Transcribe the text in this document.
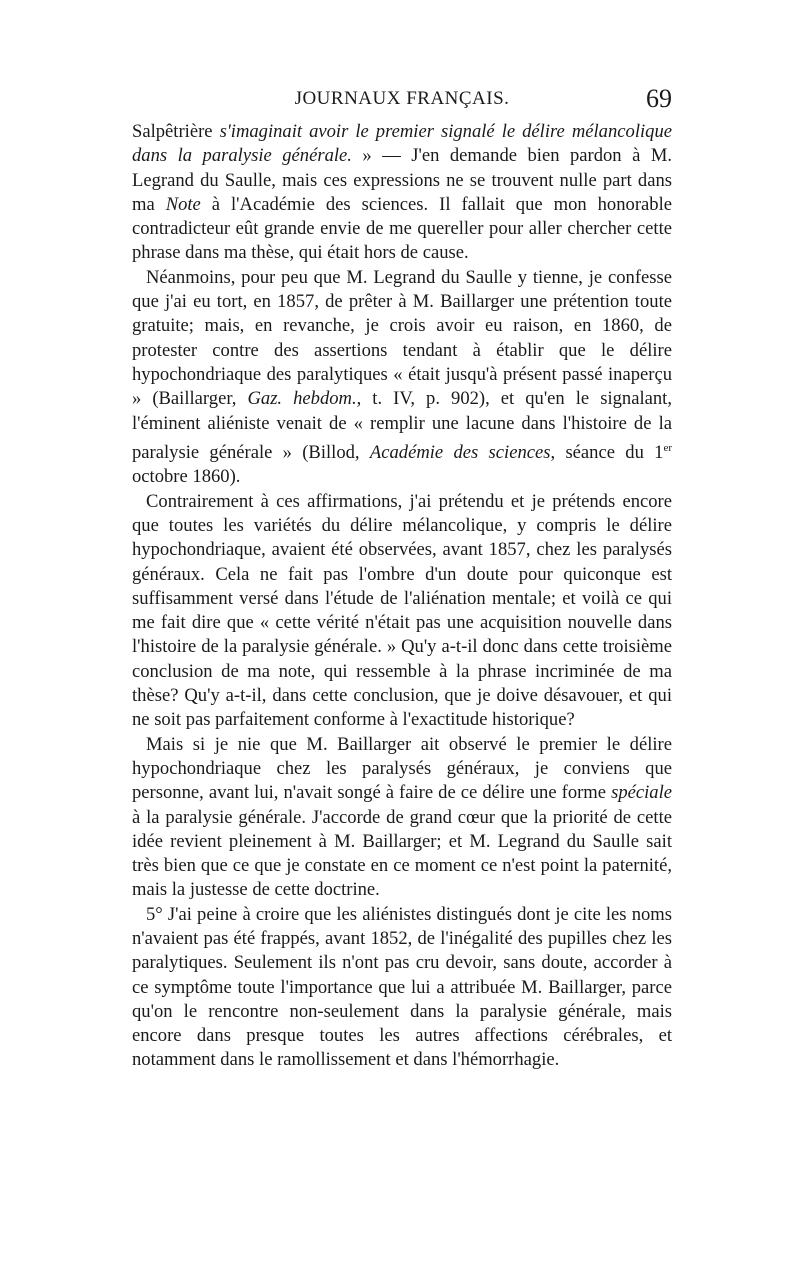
JOURNAUX FRANÇAIS.	69

Salpêtrière s'imaginait avoir le premier signalé le délire mélancolique dans la paralysie générale. » — J'en demande bien pardon à M. Legrand du Saulle, mais ces expressions ne se trouvent nulle part dans ma Note à l'Académie des sciences. Il fallait que mon honorable contradicteur eût grande envie de me quereller pour aller chercher cette phrase dans ma thèse, qui était hors de cause.

Néanmoins, pour peu que M. Legrand du Saulle y tienne, je confesse que j'ai eu tort, en 1857, de prêter à M. Baillarger une prétention toute gratuite; mais, en revanche, je crois avoir eu raison, en 1860, de protester contre des assertions tendant à établir que le délire hypochondriaque des paralytiques « était jusqu'à présent passé inaperçu » (Baillarger, Gaz. hebdom., t. IV, p. 902), et qu'en le signalant, l'éminent aliéniste venait de « remplir une lacune dans l'histoire de la paralysie générale » (Billod, Académie des sciences, séance du 1er octobre 1860).

Contrairement à ces affirmations, j'ai prétendu et je prétends encore que toutes les variétés du délire mélancolique, y compris le délire hypochondriaque, avaient été observées, avant 1857, chez les paralysés généraux. Cela ne fait pas l'ombre d'un doute pour quiconque est suffisamment versé dans l'étude de l'aliénation mentale; et voilà ce qui me fait dire que « cette vérité n'était pas une acquisition nouvelle dans l'histoire de la paralysie générale. » Qu'y a-t-il donc dans cette troisième conclusion de ma note, qui ressemble à la phrase incriminée de ma thèse? Qu'y a-t-il, dans cette conclusion, que je doive désavouer, et qui ne soit pas parfaitement conforme à l'exactitude historique?

Mais si je nie que M. Baillarger ait observé le premier le délire hypochondriaque chez les paralysés généraux, je conviens que personne, avant lui, n'avait songé à faire de ce délire une forme spéciale à la paralysie générale. J'accorde de grand cœur que la priorité de cette idée revient pleinement à M. Baillarger; et M. Legrand du Saulle sait très bien que ce que je constate en ce moment ce n'est point la paternité, mais la justesse de cette doctrine.

5° J'ai peine à croire que les aliénistes distingués dont je cite les noms n'avaient pas été frappés, avant 1852, de l'inégalité des pupilles chez les paralytiques. Seulement ils n'ont pas cru devoir, sans doute, accorder à ce symptôme toute l'importance que lui a attribuée M. Baillarger, parce qu'on le rencontre non-seulement dans la paralysie générale, mais encore dans presque toutes les autres affections cérébrales, et notamment dans le ramollissement et dans l'hémorrhagie.
